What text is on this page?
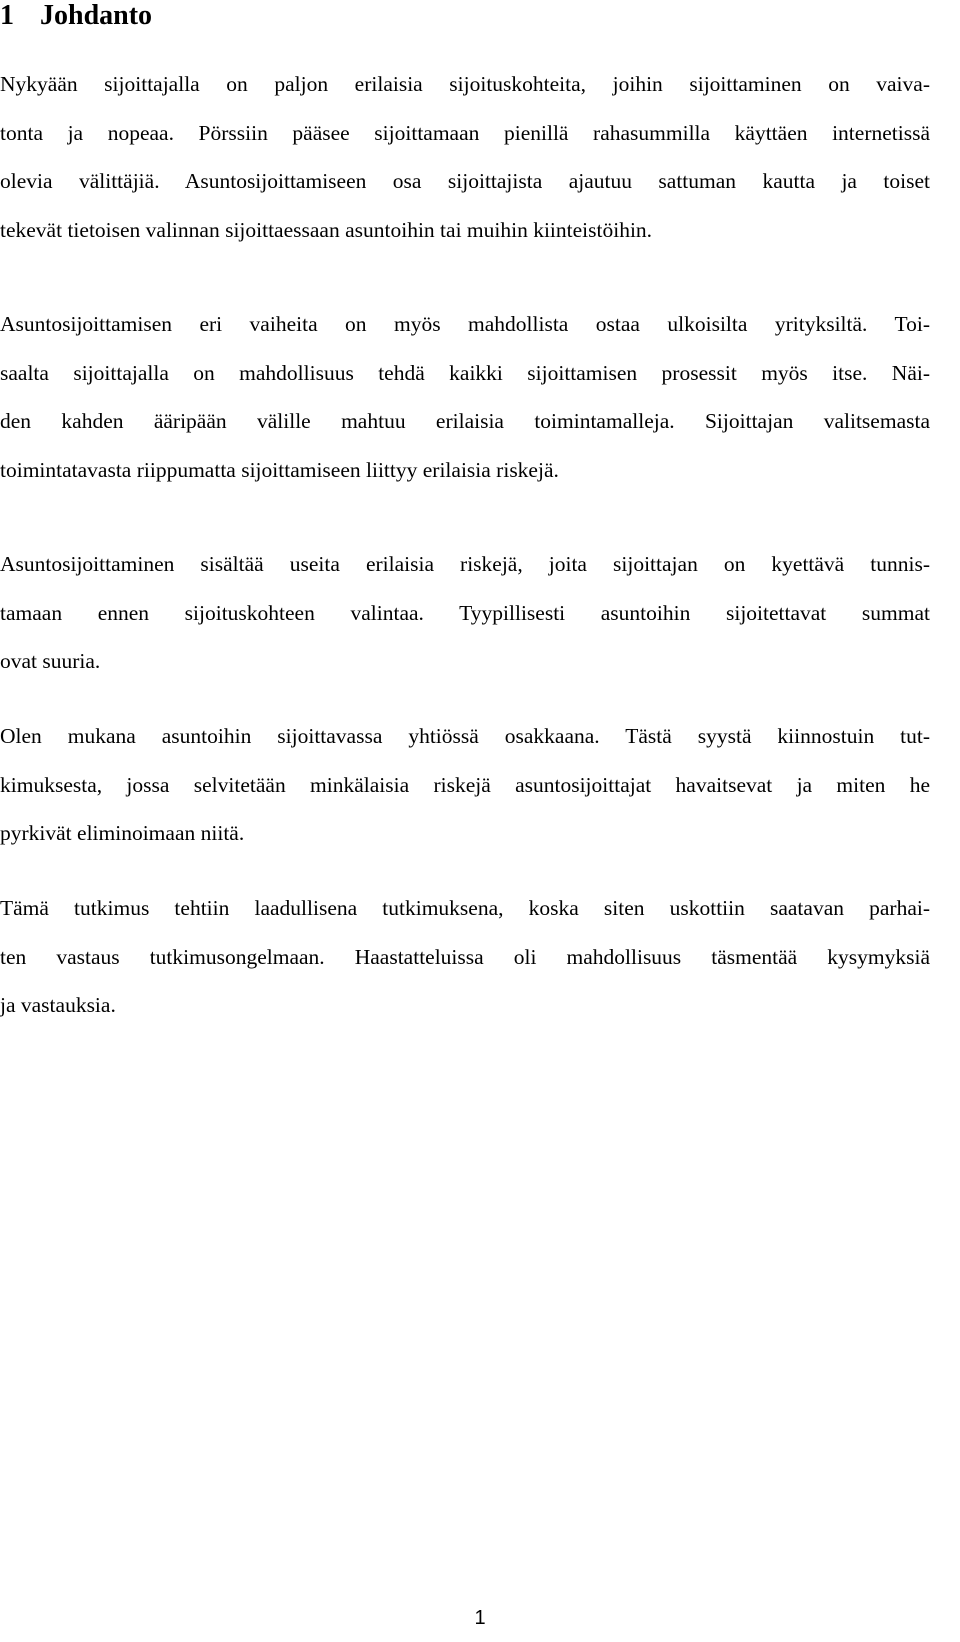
1 Johdanto

Nykyään sijoittajalla on paljon erilaisia sijoituskohteita, joihin sijoittaminen on vaiva-
tonta ja nopeaa. Pörssiin pääsee sijoittamaan pienillä rahasummilla käyttäen internetissä
olevia välittäjiä. Asuntosijoittamiseen osa sijoittajista ajautuu sattuman kautta ja toiset
tekevät tietoisen valinnan sijoittaessaan asuntoihin tai muihin kiinteistöihin.

Asuntosijoittamisen eri vaiheita on myös mahdollista ostaa ulkoisilta yrityksiltä. Toi-
saalta sijoittajalla on mahdollisuus tehdä kaikki sijoittamisen prosessit myös itse. Näi-
den kahden ääripään välille mahtuu erilaisia toimintamalleja. Sijoittajan valitsemasta
toimintatavasta riippumatta sijoittamiseen liittyy erilaisia riskejä.

Asuntosijoittaminen sisältää useita erilaisia riskejä, joita sijoittajan on kyettävä tunnis-
tamaan ennen sijoituskohteen valintaa. Tyypillisesti asuntoihin sijoitettavat summat
ovat suuria.

Olen mukana asuntoihin sijoittavassa yhtiössä osakkaana. Tästä syystä kiinnostuin tut-
kimuksesta, jossa selvitetään minkälaisia riskejä asuntosijoittajat havaitsevat ja miten he
pyrkivät eliminoimaan niitä.

Tämä tutkimus tehtiin laadullisena tutkimuksena, koska siten uskottiin saatavan parhai-
ten vastaus tutkimusongelmaan. Haastatteluissa oli mahdollisuus täsmentää kysymyksiä
ja vastauksia.

1
